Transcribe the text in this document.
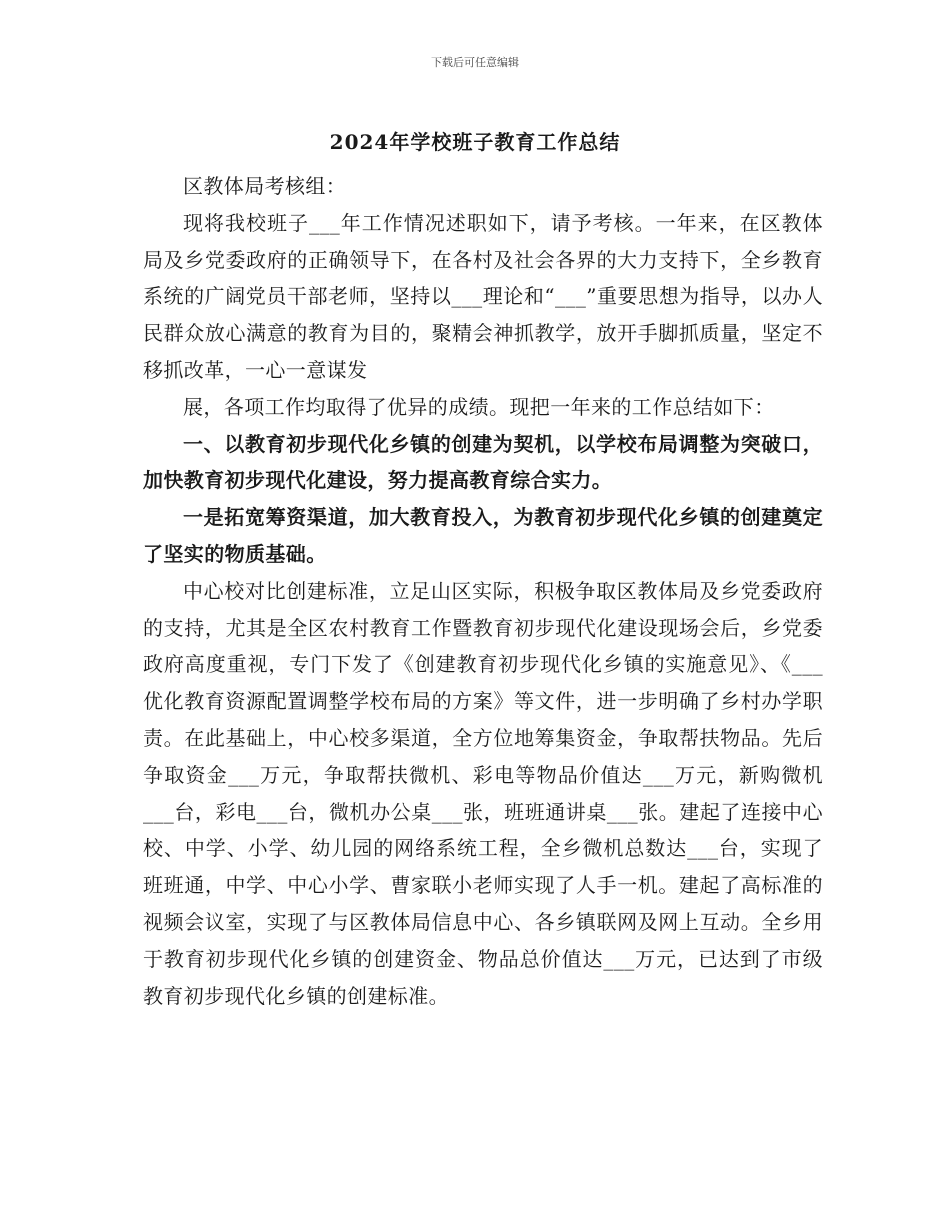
下载后可任意编辑
2024年学校班子教育工作总结

区教体局考核组：

现将我校班子___年工作情况述职如下，请予考核。一年来，在区教体局及乡党委政府的正确领导下，在各村及社会各界的大力支持下，全乡教育系统的广阔党员干部老师，坚持以___理论和“___”重要思想为指导，以办人民群众放心满意的教育为目的，聚精会神抓教学，放开手脚抓质量，坚定不移抓改革，一心一意谋发

展，各项工作均取得了优异的成绩。现把一年来的工作总结如下：

一、以教育初步现代化乡镇的创建为契机，以学校布局调整为突破口，加快教育初步现代化建设，努力提高教育综合实力。

一是拓宽筹资渠道，加大教育投入，为教育初步现代化乡镇的创建奠定了坚实的物质基础。

中心校对比创建标准，立足山区实际，积极争取区教体局及乡党委政府的支持，尤其是全区农村教育工作暨教育初步现代化建设现场会后，乡党委政府高度重视，专门下发了《创建教育初步现代化乡镇的实施意见》、《___优化教育资源配置调整学校布局的方案》等文件，进一步明确了乡村办学职责。在此基础上，中心校多渠道，全方位地筹集资金，争取帮扶物品。先后争取资金___万元，争取帮扶微机、彩电等物品价值达___万元，新购微机___台，彩电___台，微机办公桌___张，班班通讲桌___张。建起了连接中心校、中学、小学、幼儿园的网络系统工程，全乡微机总数达___台，实现了班班通，中学、中心小学、曹家联小老师实现了人手一机。建起了高标准的视频会议室，实现了与区教体局信息中心、各乡镇联网及网上互动。全乡用于教育初步现代化乡镇的创建资金、物品总价值达___万元，已达到了市级教育初步现代化乡镇的创建标准。
